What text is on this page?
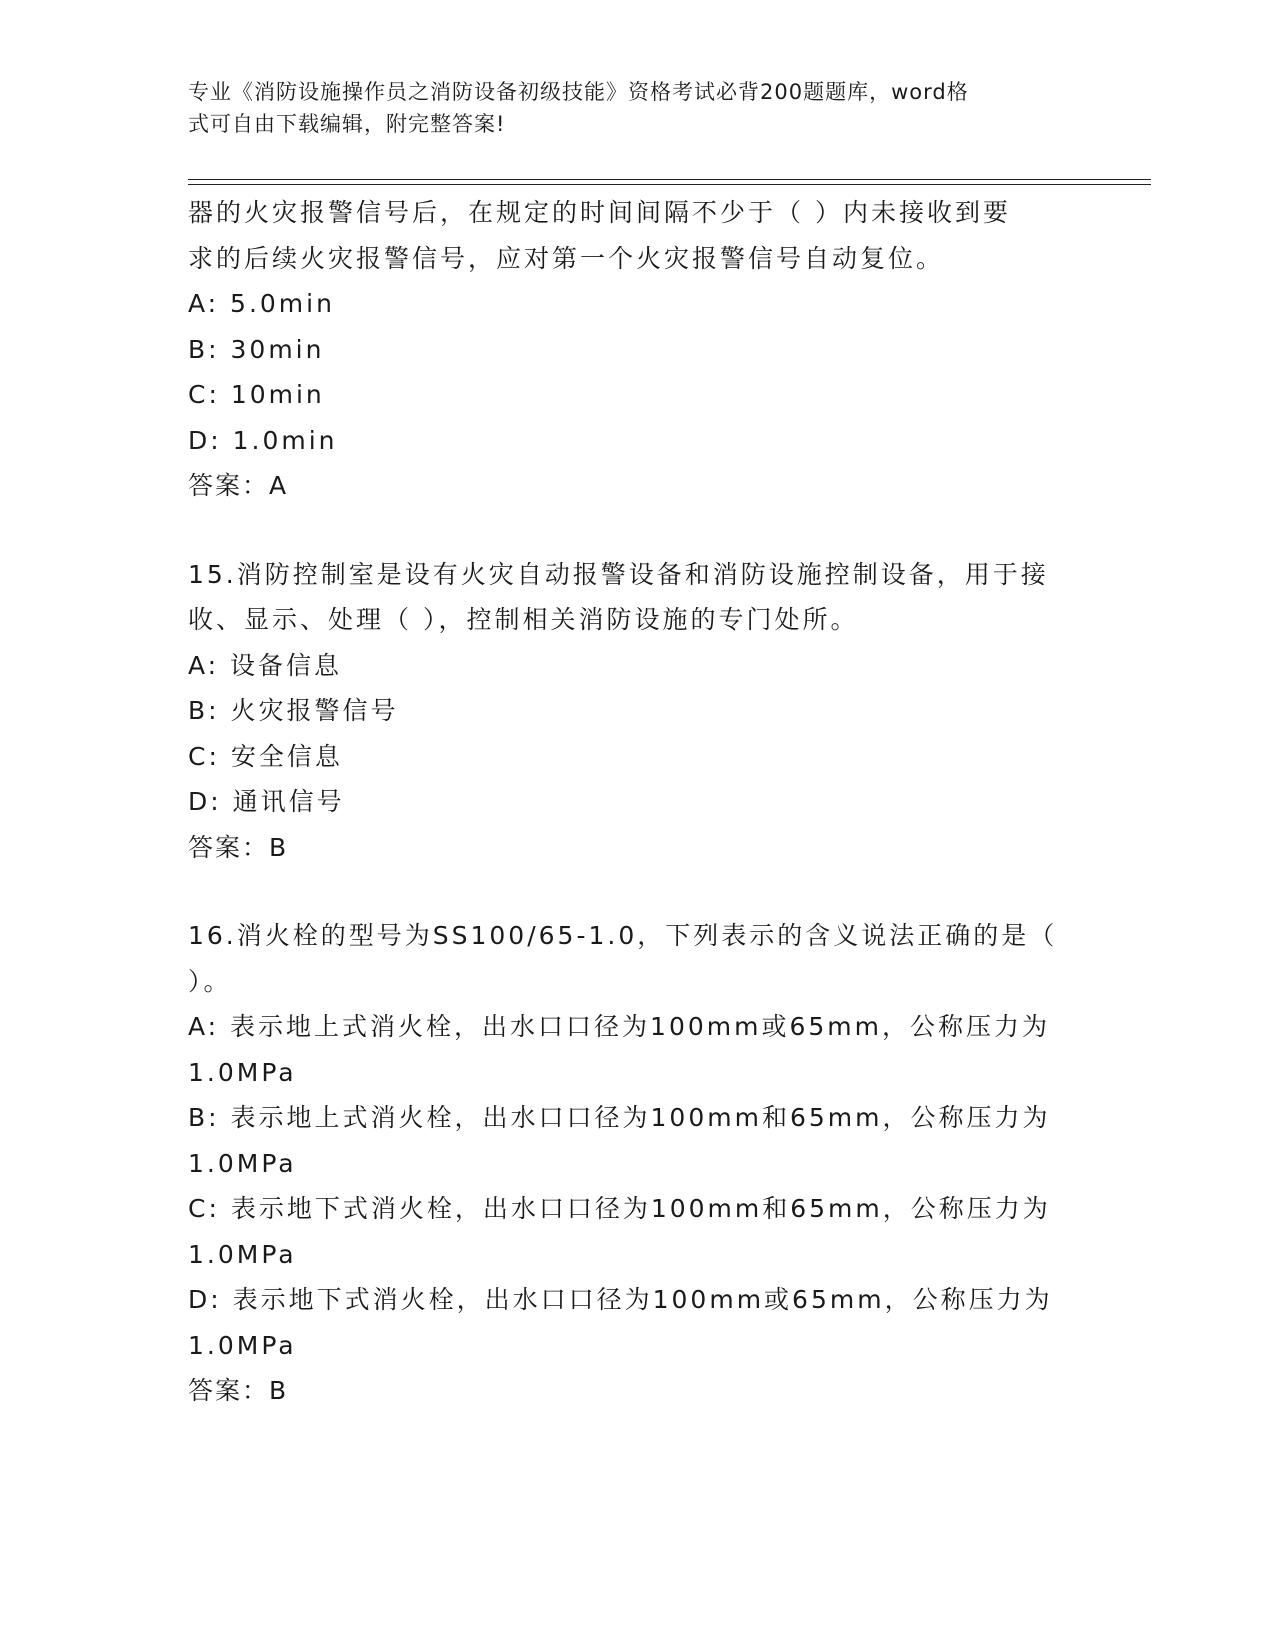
专业《消防设施操作员之消防设备初级技能》资格考试必背200题题库，word格
式可自由下载编辑，附完整答案!
器的火灾报警信号后，在规定的时间间隔不少于（ ）内未接收到要
求的后续火灾报警信号，应对第一个火灾报警信号自动复位。
A: 5.0min
B: 30min
C: 10min
D: 1.0min
答案：A
15.消防控制室是设有火灾自动报警设备和消防设施控制设备，用于接
收、显示、处理（ ），控制相关消防设施的专门处所。
A: 设备信息
B: 火灾报警信号
C: 安全信息
D: 通讯信号
答案：B
16.消火栓的型号为SS100/65-1.0，下列表示的含义说法正确的是（
）。
A: 表示地上式消火栓，出水口口径为100mm或65mm，公称压力为
1.0MPa
B: 表示地上式消火栓，出水口口径为100mm和65mm，公称压力为
1.0MPa
C: 表示地下式消火栓，出水口口径为100mm和65mm，公称压力为
1.0MPa
D: 表示地下式消火栓，出水口口径为100mm或65mm，公称压力为
1.0MPa
答案：B
